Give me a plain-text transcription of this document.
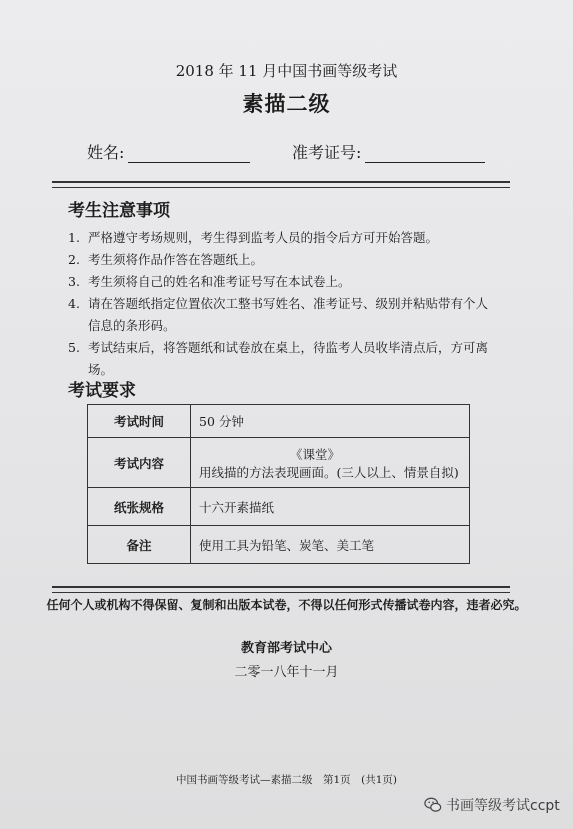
2018 年 11 月中国书画等级考试
素描二级
姓名:	准考证号:
考生注意事项
1. 严格遵守考场规则，考生得到监考人员的指令后方可开始答题。
2. 考生须将作品作答在答题纸上。
3. 考生须将自己的姓名和准考证号写在本试卷上。
4. 请在答题纸指定位置依次工整书写姓名、准考证号、级别并粘贴带有个人信息的条形码。
5. 考试结束后，将答题纸和试卷放在桌上，待监考人员收毕清点后，方可离场。
考试要求
考试时间	50 分钟
考试内容	《课堂》
用线描的方法表现画面。(三人以上、情景自拟)

纸张规格	十六开素描纸
备注	使用工具为铅笔、炭笔、美工笔
任何个人或机构不得保留、复制和出版本试卷，不得以任何形式传播试卷内容，违者必究。
教育部考试中心
二零一八年十一月
中国书画等级考试—素描二级　第1页　(共1页)
书画等级考试ccpt
